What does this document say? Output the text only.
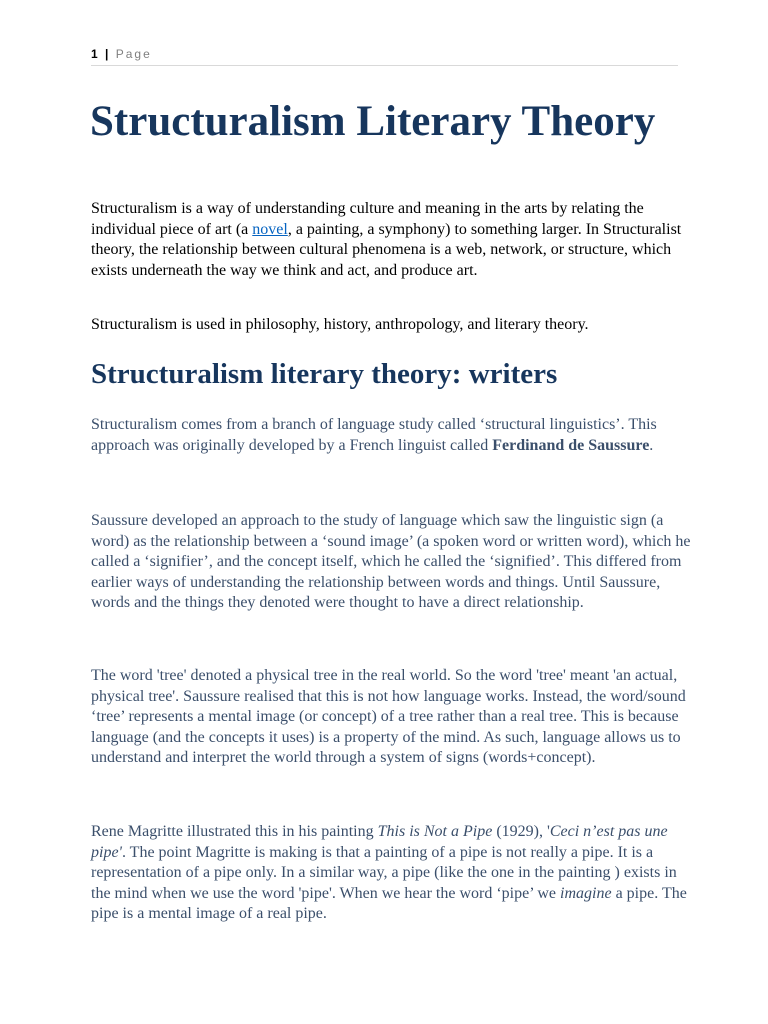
1 | Page
Structuralism Literary Theory

Structuralism is a way of understanding culture and meaning in the arts by relating the individual piece of art (a novel, a painting, a symphony) to something larger. In Structuralist theory, the relationship between cultural phenomena is a web, network, or structure, which exists underneath the way we think and act, and produce art.

Structuralism is used in philosophy, history, anthropology, and literary theory.

Structuralism literary theory: writers

Structuralism comes from a branch of language study called ‘structural linguistics’. This approach was originally developed by a French linguist called Ferdinand de Saussure.

Saussure developed an approach to the study of language which saw the linguistic sign (a word) as the relationship between a ‘sound image’ (a spoken word or written word), which he called a ‘signifier’, and the concept itself, which he called the ‘signified’. This differed from earlier ways of understanding the relationship between words and things. Until Saussure, words and the things they denoted were thought to have a direct relationship.

The word 'tree' denoted a physical tree in the real world. So the word 'tree' meant 'an actual, physical tree'. Saussure realised that this is not how language works. Instead, the word/sound ‘tree’ represents a mental image (or concept) of a tree rather than a real tree. This is because language (and the concepts it uses) is a property of the mind. As such, language allows us to understand and interpret the world through a system of signs (words+concept).

Rene Magritte illustrated this in his painting This is Not a Pipe (1929), 'Ceci n’est pas une pipe'. The point Magritte is making is that a painting of a pipe is not really a pipe. It is a representation of a pipe only. In a similar way, a pipe (like the one in the painting ) exists in the mind when we use the word 'pipe'. When we hear the word ‘pipe’ we imagine a pipe. The pipe is a mental image of a real pipe.
